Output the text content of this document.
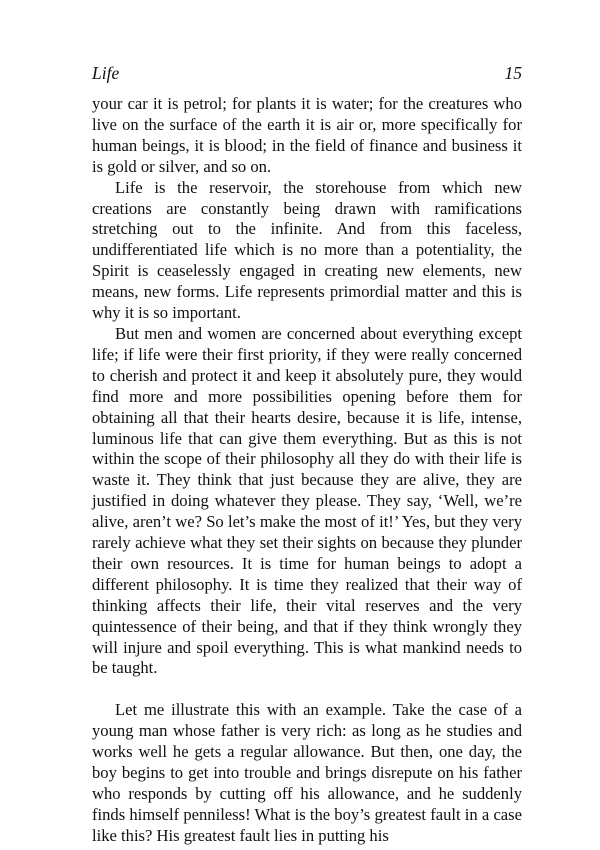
Life	15

your car it is petrol; for plants it is water; for the creatures who live on the surface of the earth it is air or, more specifically for human beings, it is blood; in the field of finance and business it is gold or silver, and so on.

Life is the reservoir, the storehouse from which new creations are constantly being drawn with ramifications stretching out to the infinite. And from this faceless, undifferentiated life which is no more than a potentiality, the Spirit is ceaselessly engaged in creating new elements, new means, new forms. Life represents primordial matter and this is why it is so important.

But men and women are concerned about everything except life; if life were their first priority, if they were really concerned to cherish and protect it and keep it absolutely pure, they would find more and more possibilities opening before them for obtaining all that their hearts desire, because it is life, intense, luminous life that can give them everything. But as this is not within the scope of their philosophy all they do with their life is waste it. They think that just because they are alive, they are justified in doing whatever they please. They say, ‘Well, we’re alive, aren’t we? So let’s make the most of it!’ Yes, but they very rarely achieve what they set their sights on because they plunder their own resources. It is time for human beings to adopt a different philosophy. It is time they realized that their way of thinking affects their life, their vital reserves and the very quintessence of their being, and that if they think wrongly they will injure and spoil everything. This is what mankind needs to be taught.

Let me illustrate this with an example. Take the case of a young man whose father is very rich: as long as he studies and works well he gets a regular allowance. But then, one day, the boy begins to get into trouble and brings disrepute on his father who responds by cutting off his allowance, and he suddenly finds himself penniless! What is the boy’s greatest fault in a case like this? His greatest fault lies in putting his
